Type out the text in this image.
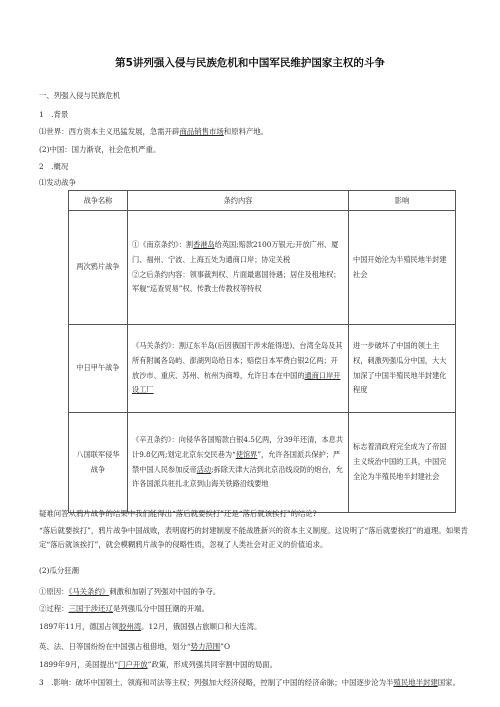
第5讲列强入侵与民族危机和中国军民维护国家主权的斗争
一、列强入侵与民族危机
1　.背景
⑴世界：西方资本主义迅猛发展，急需开辟商品销售市场和原料产地。
(2)中国：国力渐衰，社会危机严重。
2　.概况
⑴发动战争
战争名称	条约内容	影响
两次鸦片战争	①《南京条约》：割香港岛给英国;赔款2100万银元;开放广州、厦门、福州、宁波、上海五处为通商口岸；协定关税
②之后条约内容：领事裁判权、片面最惠国待遇；居住及租地权；军舰“巡查贸易”权、传教士传教权等特权	中国开始沦为半殖民地半封建社会
中日甲午战争	《马关条约》：割辽东半岛(后因俄国干涉未能得逞)、台湾全岛及其所有附属各岛屿、澎湖列岛给日本；赔偿日本军费白银2亿两；开放沙市、重庆、苏州、杭州为商埠，允许日本在中国的通商口岸开设工厂	进一步破坏了中国的领土主权，刺激列强瓜分中国，大大加深了中国半殖民地半封建化程度
八国联军侵华战争	《辛丑条约》：向侵华各国赔款白银4.5亿两，分39年还清，本息共计9.8亿两;划定北京东交民巷为“使馆界”，允许各国派兵保护；严禁中国人民参加反帝活动;拆除天津大沽到北京沿线设防的炮台，允许各国派兵驻扎北京到山海关铁路沿线要地	标志着清政府完全成为了帝国主义统治中国的工具，中国完全沦为半殖民地半封建社会
疑难问答从鸦片战争的结果中我们能得出“落后就要挨打”还是“落后就该挨打”的结论?
“落后就要挨打”，鸦片战争中国战败，表明腐朽的封建制度不能战胜新兴的资本主义制度。这说明了“落后就要挨打”的道理。如果肯定“落后就该挨打”，就会模糊鸦片战争的侵略性质，忽视了人类社会对正义的价值追求。
(2)瓜分狂潮
①原因：《马关条约》刺激和加剧了列强对中国的争夺。
②过程：三国干涉还辽是列强瓜分中国狂潮的开端。
1897年11月，德国占领胶州湾。12月，俄国强占旅顺口和大连湾。
英、法、日等国纷纷在中国强占租借地，划分“势力范围”O
1899年9月，美国提出“门户开放”政策，形成列强共同宰割中国的局面。
3　.影响：破坏中国领土、领海和司法等主权；列强加大经济侵略，控制了中国的经济命脉；中国逐步沦为半殖民地半封建国家。
